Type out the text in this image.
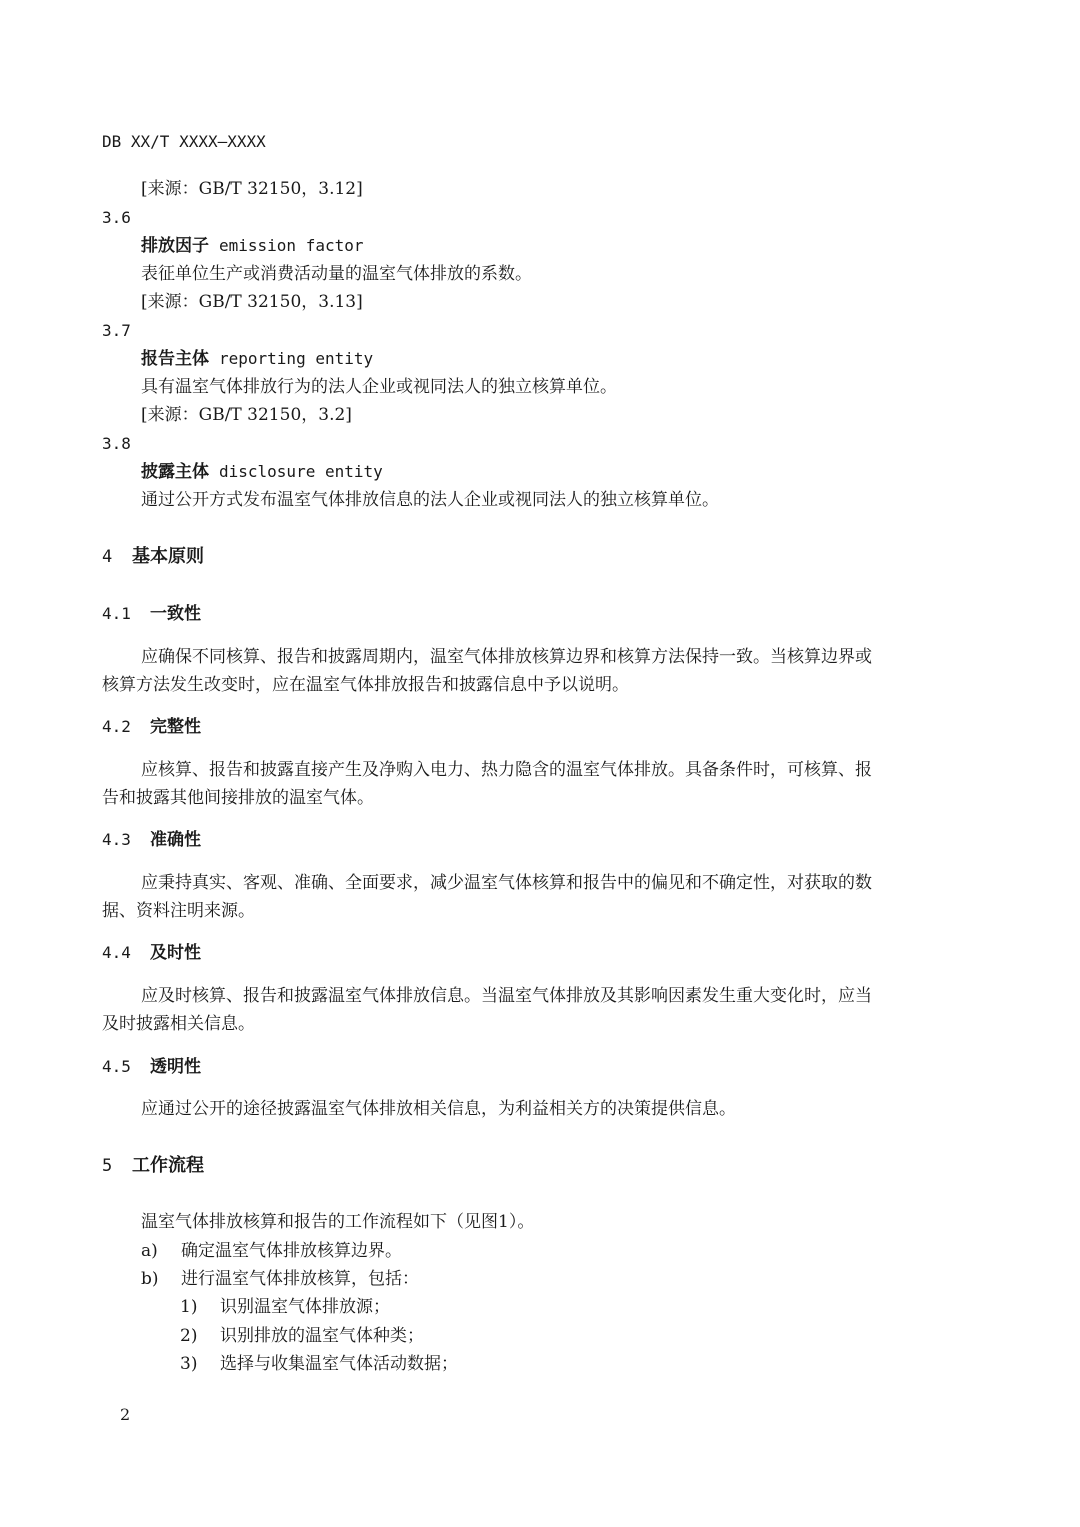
DB XX/T XXXX—XXXX
[来源：GB/T 32150，3.12]
3.6
排放因子 emission factor
表征单位生产或消费活动量的温室气体排放的系数。
[来源：GB/T 32150，3.13]
3.7
报告主体 reporting entity
具有温室气体排放行为的法人企业或视同法人的独立核算单位。
[来源：GB/T 32150，3.2]
3.8
披露主体 disclosure entity
通过公开方式发布温室气体排放信息的法人企业或视同法人的独立核算单位。
4 基本原则
4.1 一致性
应确保不同核算、报告和披露周期内，温室气体排放核算边界和核算方法保持一致。当核算边界或
核算方法发生改变时，应在温室气体排放报告和披露信息中予以说明。
4.2 完整性
应核算、报告和披露直接产生及净购入电力、热力隐含的温室气体排放。具备条件时，可核算、报
告和披露其他间接排放的温室气体。
4.3 准确性
应秉持真实、客观、准确、全面要求，减少温室气体核算和报告中的偏见和不确定性，对获取的数
据、资料注明来源。
4.4 及时性
应及时核算、报告和披露温室气体排放信息。当温室气体排放及其影响因素发生重大变化时，应当
及时披露相关信息。
4.5 透明性
应通过公开的途径披露温室气体排放相关信息，为利益相关方的决策提供信息。
5 工作流程
温室气体排放核算和报告的工作流程如下（见图1）。
a) 确定温室气体排放核算边界。
b) 进行温室气体排放核算，包括：
1) 识别温室气体排放源；
2) 识别排放的温室气体种类；
3) 选择与收集温室气体活动数据；
2
